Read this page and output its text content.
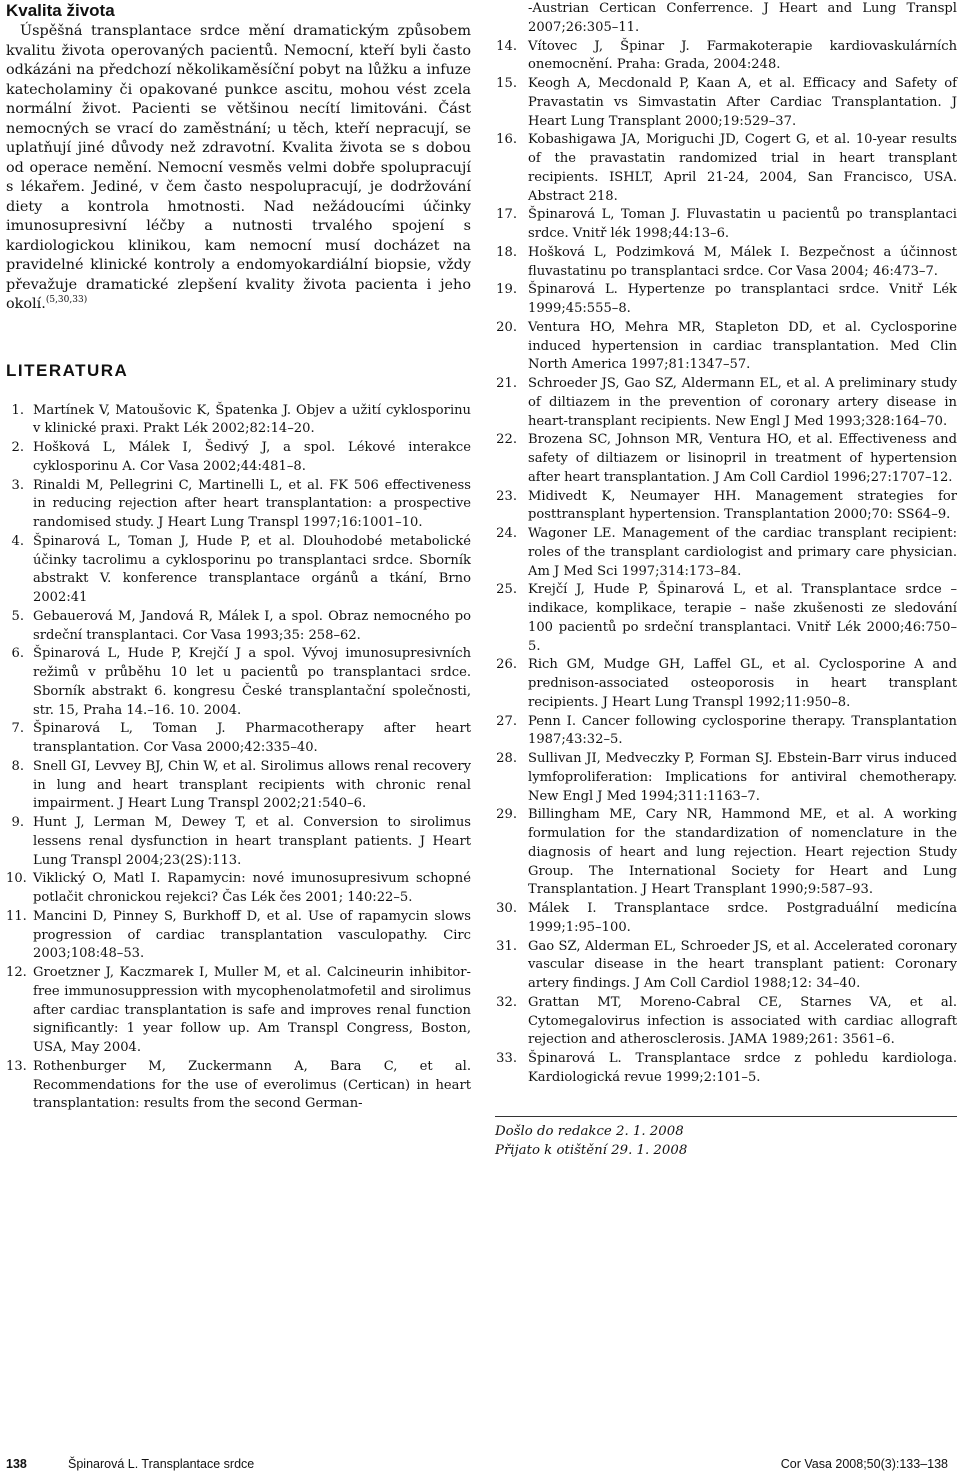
Kvalita života

Úspěšná transplantace srdce mění dramatickým způsobem kvalitu života operovaných pacientů. Nemocní, kteří byli často odkázáni na předchozí několikaměsíční pobyt na lůžku a infuze katecholaminy či opakované punkce ascitu, mohou vést zcela normální život. Pacienti se většinou necítí limitováni. Část nemocných se vrací do zaměstnání; u těch, kteří nepracují, se uplatňují jiné důvody než zdravotní. Kvalita života se s dobou od operace nemění. Nemocní vesměs velmi dobře spolupracují s lékařem. Jediné, v čem často nespolupracují, je dodržování diety a kontrola hmotnosti. Nad nežádoucími účinky imunosupresivní léčby a nutnosti trvalého spojení s kardiologickou klinikou, kam nemocní musí docházet na pravidelné klinické kontroly a endomyokardiální biopsie, vždy převažuje dramatické zlepšení kvality života pacienta i jeho okolí.$^{(5,30,33)}$

LITERATURA
1. Martínek V, Matoušovic K, Špatenka J. Objev a užití cyklosporinu v klinické praxi. Prakt Lék 2002;82:14–20.
2. Hošková L, Málek I, Šedivý J, a spol. Lékové interakce cyklosporinu A. Cor Vasa 2002;44:481–8.
3. Rinaldi M, Pellegrini C, Martinelli L, et al. FK 506 effectiveness in reducing rejection after heart transplantation: a prospective randomised study. J Heart Lung Transpl 1997;16:1001–10.
4. Špinarová L, Toman J, Hude P, et al. Dlouhodobé metabolické účinky tacrolimu a cyklosporinu po transplantaci srdce. Sborník abstrakt V. konference transplantace orgánů a tkání, Brno 2002:41
5. Gebauerová M, Jandová R, Málek I, a spol. Obraz nemocného po srdeční transplantaci. Cor Vasa 1993;35: 258–62.
6. Špinarová L, Hude P, Krejčí J a spol. Vývoj imunosupresivních režimů v průběhu 10 let u pacientů po transplantaci srdce. Sborník abstrakt 6. kongresu České transplantační společnosti, str. 15, Praha 14.–16. 10. 2004.
7. Špinarová L, Toman J. Pharmacotherapy after heart transplantation. Cor Vasa 2000;42:335–40.
8. Snell GI, Levvey BJ, Chin W, et al. Sirolimus allows renal recovery in lung and heart transplant recipients with chronic renal impairment. J Heart Lung Transpl 2002;21:540–6.
9. Hunt J, Lerman M, Dewey T, et al. Conversion to sirolimus lessens renal dysfunction in heart transplant patients. J Heart Lung Transpl 2004;23(2S):113.
10. Viklický O, Matl I. Rapamycin: nové imunosupresivum schopné potlačit chronickou rejekci? Čas Lék čes 2001; 140:22–5.
11. Mancini D, Pinney S, Burkhoff D, et al. Use of rapamycin slows progression of cardiac transplantation vasculopathy. Circ 2003;108:48–53.
12. Groetzner J, Kaczmarek I, Muller M, et al. Calcineurin inhibitor-free immunosuppression with mycophenolatmofetil and sirolimus after cardiac transplantation is safe and improves renal function significantly: 1 year follow up. Am Transpl Congress, Boston, USA, May 2004.
13. Rothenburger M, Zuckermann A, Bara C, et al. Recommendations for the use of everolimus (Certican) in heart transplantation: results from the second German-
-Austrian Certican Conferrence. J Heart and Lung Transpl 2007;26:305–11.
14. Vítovec J, Špinar J. Farmakoterapie kardiovaskulárních onemocnění. Praha: Grada, 2004:248.
15. Keogh A, Mecdonald P, Kaan A, et al. Efficacy and Safety of Pravastatin vs Simvastatin After Cardiac Transplantation. J Heart Lung Transplant 2000;19:529–37.
16. Kobashigawa JA, Moriguchi JD, Cogert G, et al. 10-year results of the pravastatin randomized trial in heart transplant recipients. ISHLT, April 21-24, 2004, San Francisco, USA. Abstract 218.
17. Špinarová L, Toman J. Fluvastatin u pacientů po transplantaci srdce. Vnitř lék 1998;44:13–6.
18. Hošková L, Podzimková M, Málek I. Bezpečnost a účinnost fluvastatinu po transplantaci srdce. Cor Vasa 2004; 46:473–7.
19. Špinarová L. Hypertenze po transplantaci srdce. Vnitř Lék 1999;45:555–8.
20. Ventura HO, Mehra MR, Stapleton DD, et al. Cyclosporine induced hypertension in cardiac transplantation. Med Clin North America 1997;81:1347–57.
21. Schroeder JS, Gao SZ, Aldermann EL, et al. A preliminary study of diltiazem in the prevention of coronary artery disease in heart-transplant recipients. New Engl J Med 1993;328:164–70.
22. Brozena SC, Johnson MR, Ventura HO, et al. Effectiveness and safety of diltiazem or lisinopril in treatment of hypertension after heart transplantation. J Am Coll Cardiol 1996;27:1707–12.
23. Midivedt K, Neumayer HH. Management strategies for posttransplant hypertension. Transplantation 2000;70: SS64–9.
24. Wagoner LE. Management of the cardiac transplant recipient: roles of the transplant cardiologist and primary care physician. Am J Med Sci 1997;314:173–84.
25. Krejčí J, Hude P, Špinarová L, et al. Transplantace srdce – indikace, komplikace, terapie – naše zkušenosti ze sledování 100 pacientů po srdeční transplantaci. Vnitř Lék 2000;46:750–5.
26. Rich GM, Mudge GH, Laffel GL, et al. Cyclosporine A and prednison-associated osteoporosis in heart transplant recipients. J Heart Lung Transpl 1992;11:950–8.
27. Penn I. Cancer following cyclosporine therapy. Transplantation 1987;43:32–5.
28. Sullivan JI, Medveczky P, Forman SJ. Ebstein-Barr virus induced lymfoproliferation: Implications for antiviral chemotherapy. New Engl J Med 1994;311:1163–7.
29. Billingham ME, Cary NR, Hammond ME, et al. A working formulation for the standardization of nomenclature in the diagnosis of heart and lung rejection. Heart rejection Study Group. The International Society for Heart and Lung Transplantation. J Heart Transplant 1990;9:587–93.
30. Málek I. Transplantace srdce. Postgraduální medicína 1999;1:95–100.
31. Gao SZ, Alderman EL, Schroeder JS, et al. Accelerated coronary vascular disease in the heart transplant patient: Coronary artery findings. J Am Coll Cardiol 1988;12: 34–40.
32. Grattan MT, Moreno-Cabral CE, Starnes VA, et al. Cytomegalovirus infection is associated with cardiac allograft rejection and atherosclerosis. JAMA 1989;261: 3561–6.
33. Špinarová L. Transplantace srdce z pohledu kardiologa. Kardiologická revue 1999;2:101–5.
Došlo do redakce 2. 1. 2008
Přijato k otištění 29. 1. 2008
138	Špinarová L. Transplantace srdce	Cor Vasa 2008;50(3):133–138
